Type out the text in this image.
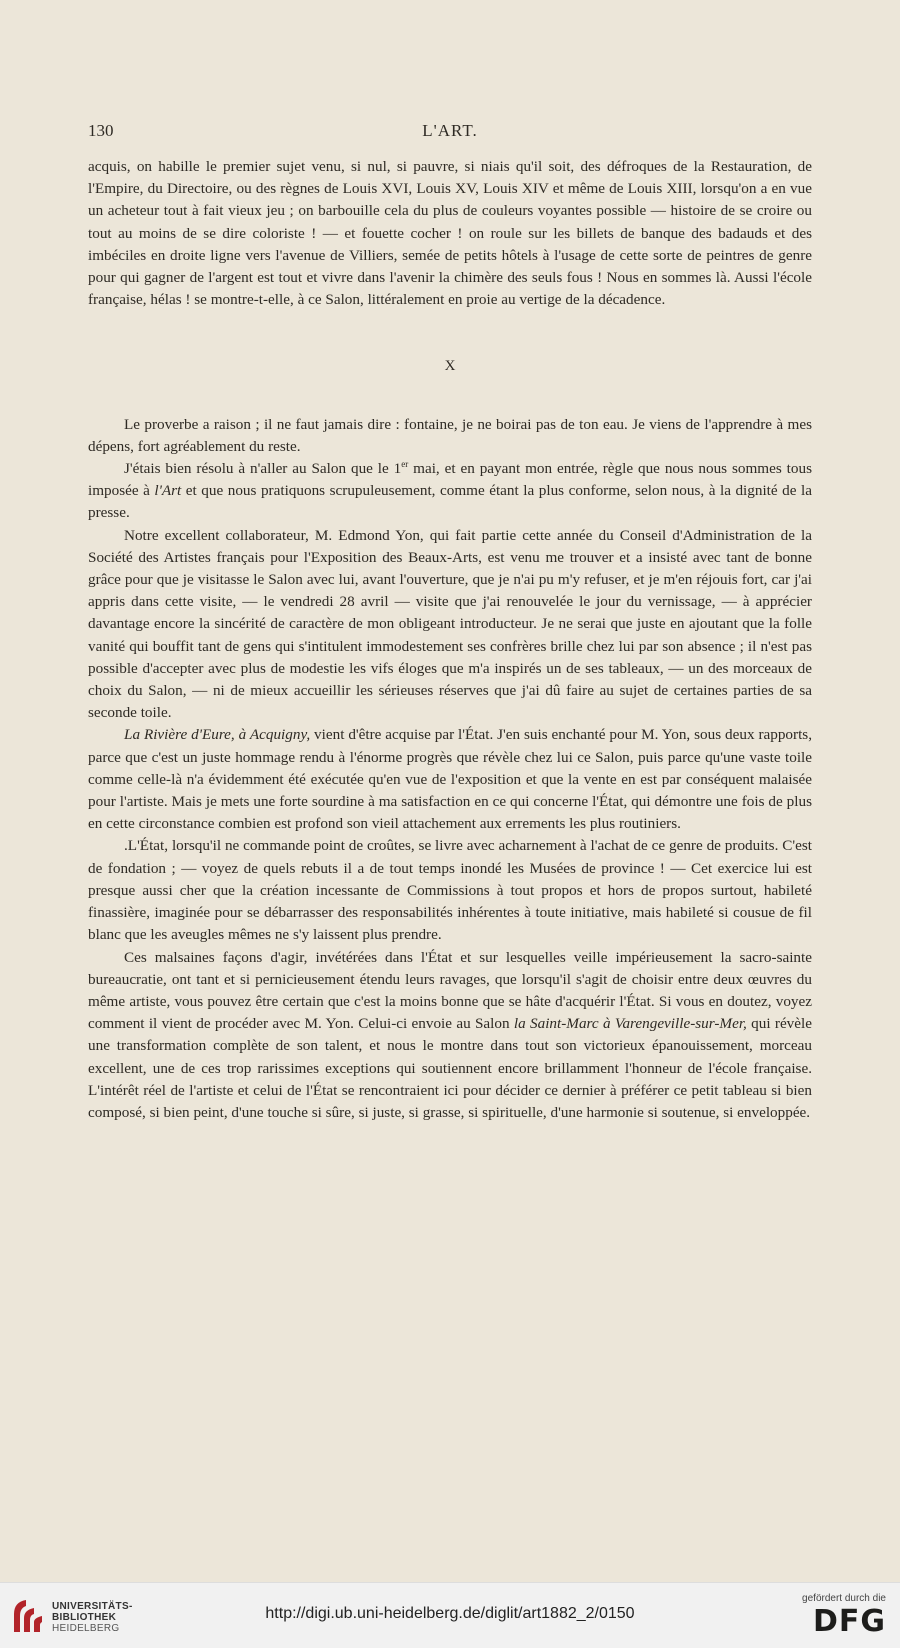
130	L'ART.

acquis, on habille le premier sujet venu, si nul, si pauvre, si niais qu'il soit, des défroques de la Restauration, de l'Empire, du Directoire, ou des règnes de Louis XVI, Louis XV, Louis XIV et même de Louis XIII, lorsqu'on a en vue un acheteur tout à fait vieux jeu ; on barbouille cela du plus de couleurs voyantes possible — histoire de se croire ou tout au moins de se dire coloriste ! — et fouette cocher ! on roule sur les billets de banque des badauds et des imbéciles en droite ligne vers l'avenue de Villiers, semée de petits hôtels à l'usage de cette sorte de peintres de genre pour qui gagner de l'argent est tout et vivre dans l'avenir la chimère des seuls fous ! Nous en sommes là. Aussi l'école française, hélas ! se montre-t-elle, à ce Salon, littéralement en proie au vertige de la décadence.

X

Le proverbe a raison ; il ne faut jamais dire : fontaine, je ne boirai pas de ton eau. Je viens de l'apprendre à mes dépens, fort agréablement du reste.

J'étais bien résolu à n'aller au Salon que le 1er mai, et en payant mon entrée, règle que nous nous sommes tous imposée à l'Art et que nous pratiquons scrupuleusement, comme étant la plus conforme, selon nous, à la dignité de la presse.

Notre excellent collaborateur, M. Edmond Yon, qui fait partie cette année du Conseil d'Administration de la Société des Artistes français pour l'Exposition des Beaux-Arts, est venu me trouver et a insisté avec tant de bonne grâce pour que je visitasse le Salon avec lui, avant l'ouverture, que je n'ai pu m'y refuser, et je m'en réjouis fort, car j'ai appris dans cette visite, — le vendredi 28 avril — visite que j'ai renouvelée le jour du vernissage, — à apprécier davantage encore la sincérité de caractère de mon obligeant introducteur. Je ne serai que juste en ajoutant que la folle vanité qui bouffit tant de gens qui s'intitulent immodestement ses confrères brille chez lui par son absence ; il n'est pas possible d'accepter avec plus de modestie les vifs éloges que m'a inspirés un de ses tableaux, — un des morceaux de choix du Salon, — ni de mieux accueillir les sérieuses réserves que j'ai dû faire au sujet de certaines parties de sa seconde toile.

La Rivière d'Eure, à Acquigny, vient d'être acquise par l'État. J'en suis enchanté pour M. Yon, sous deux rapports, parce que c'est un juste hommage rendu à l'énorme progrès que révèle chez lui ce Salon, puis parce qu'une vaste toile comme celle-là n'a évidemment été exécutée qu'en vue de l'exposition et que la vente en est par conséquent malaisée pour l'artiste. Mais je mets une forte sourdine à ma satisfaction en ce qui concerne l'État, qui démontre une fois de plus en cette circonstance combien est profond son vieil attachement aux errements les plus routiniers.

.L'État, lorsqu'il ne commande point de croûtes, se livre avec acharnement à l'achat de ce genre de produits. C'est de fondation ; — voyez de quels rebuts il a de tout temps inondé les Musées de province ! — Cet exercice lui est presque aussi cher que la création incessante de Commissions à tout propos et hors de propos surtout, habileté finassière, imaginée pour se débarrasser des responsabilités inhérentes à toute initiative, mais habileté si cousue de fil blanc que les aveugles mêmes ne s'y laissent plus prendre.

Ces malsaines façons d'agir, invétérées dans l'État et sur lesquelles veille impérieusement la sacro-sainte bureaucratie, ont tant et si pernicieusement étendu leurs ravages, que lorsqu'il s'agit de choisir entre deux œuvres du même artiste, vous pouvez être certain que c'est la moins bonne que se hâte d'acquérir l'État. Si vous en doutez, voyez comment il vient de procéder avec M. Yon. Celui-ci envoie au Salon la Saint-Marc à Varengeville-sur-Mer, qui révèle une transformation complète de son talent, et nous le montre dans tout son victorieux épanouissement, morceau excellent, une de ces trop rarissimes exceptions qui soutiennent encore brillamment l'honneur de l'école française. L'intérêt réel de l'artiste et celui de l'État se rencontraient ici pour décider ce dernier à préférer ce petit tableau si bien composé, si bien peint, d'une touche si sûre, si juste, si grasse, si spirituelle, d'une harmonie si soutenue, si enveloppée.

UNIVERSITÄTS-
BIBLIOTHEK
HEIDELBERG
http://digi.ub.uni-heidelberg.de/diglit/art1882_2/0150
gefördert durch die
DFG
